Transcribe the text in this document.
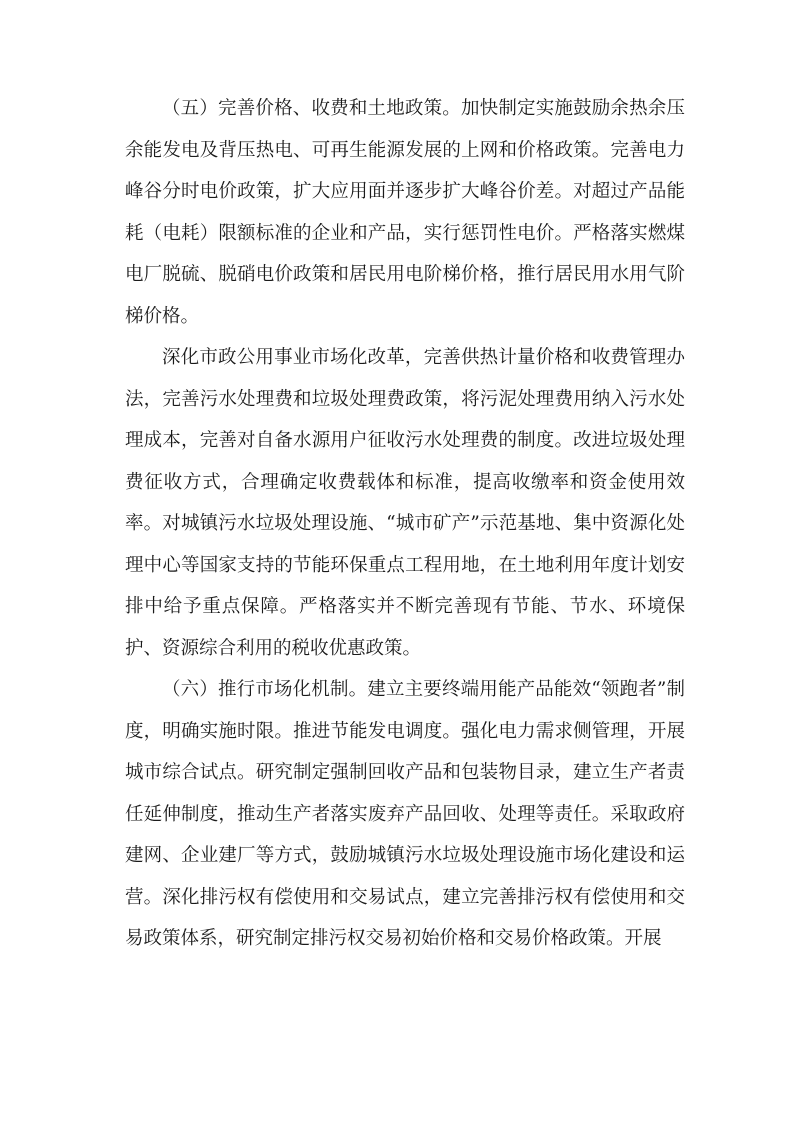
（五）完善价格、收费和土地政策。加快制定实施鼓励余热余压余能发电及背压热电、可再生能源发展的上网和价格政策。完善电力峰谷分时电价政策，扩大应用面并逐步扩大峰谷价差。对超过产品能耗（电耗）限额标准的企业和产品，实行惩罚性电价。严格落实燃煤电厂脱硫、脱硝电价政策和居民用电阶梯价格，推行居民用水用气阶梯价格。

深化市政公用事业市场化改革，完善供热计量价格和收费管理办法，完善污水处理费和垃圾处理费政策，将污泥处理费用纳入污水处理成本，完善对自备水源用户征收污水处理费的制度。改进垃圾处理费征收方式，合理确定收费载体和标准，提高收缴率和资金使用效率。对城镇污水垃圾处理设施、“城市矿产”示范基地、集中资源化处理中心等国家支持的节能环保重点工程用地，在土地利用年度计划安排中给予重点保障。严格落实并不断完善现有节能、节水、环境保护、资源综合利用的税收优惠政策。

（六）推行市场化机制。建立主要终端用能产品能效“领跑者”制度，明确实施时限。推进节能发电调度。强化电力需求侧管理，开展城市综合试点。研究制定强制回收产品和包装物目录，建立生产者责任延伸制度，推动生产者落实废弃产品回收、处理等责任。采取政府建网、企业建厂等方式，鼓励城镇污水垃圾处理设施市场化建设和运营。深化排污权有偿使用和交易试点，建立完善排污权有偿使用和交易政策体系，研究制定排污权交易初始价格和交易价格政策。开展
